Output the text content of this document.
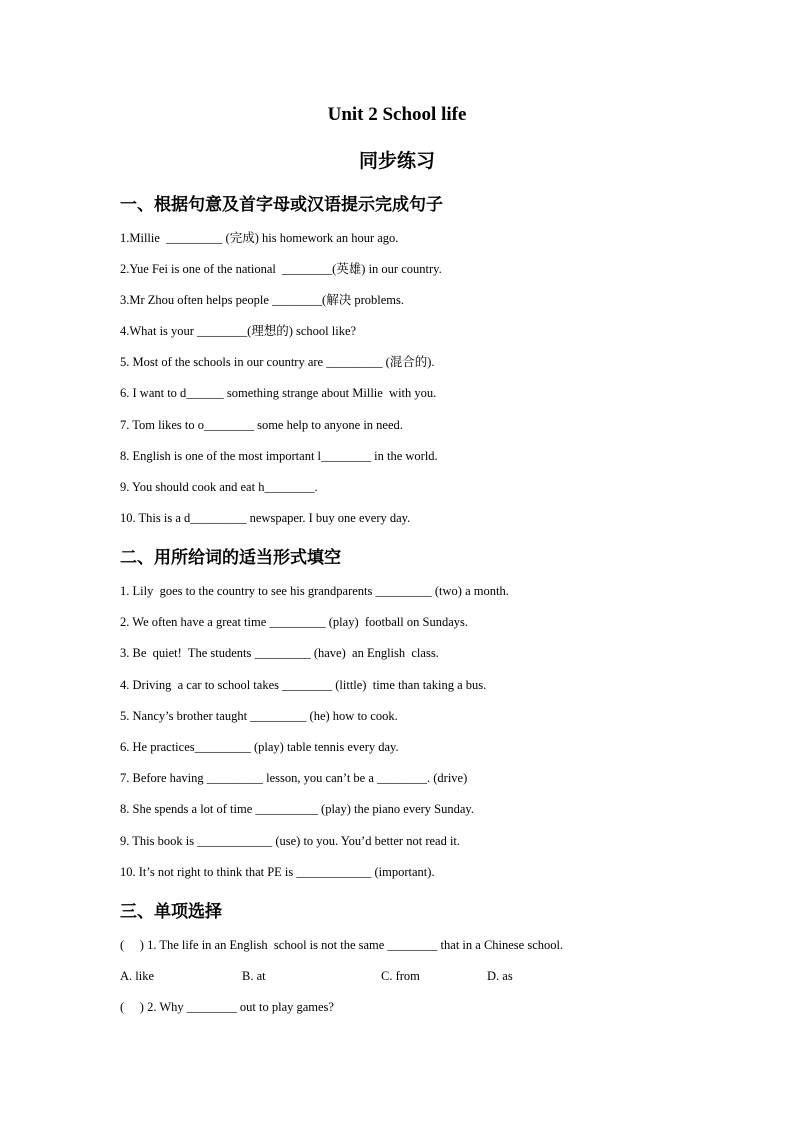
Unit 2 School life
同步练习
一、根据句意及首字母或汉语提示完成句子
1.Millie  _________ (完成) his homework an hour ago.
2.Yue Fei is one of the national  ________(英雄) in our country.
3.Mr Zhou often helps people ________(解决 problems.
4.What is your ________(理想的) school like?
5. Most of the schools in our country are _________ (混合的).
6. I want to d______ something strange about Millie  with you.
7. Tom likes to o________ some help to anyone in need.
8. English is one of the most important l________ in the world.
9. You should cook and eat h________.
10. This is a d_________ newspaper. I buy one every day.
二、用所给词的适当形式填空
1. Lily  goes to the country to see his grandparents _________ (two) a month.
2. We often have a great time _________ (play)  football on Sundays.
3. Be  quiet!  The students _________ (have)  an English  class.
4. Driving  a car to school takes ________ (little)  time than taking a bus.
5. Nancy’s brother taught _________ (he) how to cook.
6. He practices_________ (play) table tennis every day.
7. Before having _________ lesson, you can’t be a ________. (drive)
8. She spends a lot of time __________ (play) the piano every Sunday.
9. This book is ____________ (use) to you. You’d better not read it.
10. It’s not right to think that PE is ____________ (important).
三、单项选择
(     ) 1. The life in an English  school is not the same ________ that in a Chinese school.
A. like	B. at	C. from	D. as
(     ) 2. Why ________ out to play games?
